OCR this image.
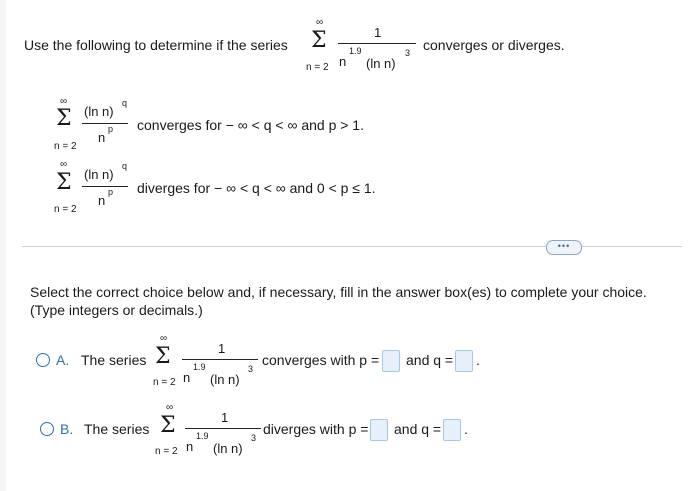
Use the following to determine if the series
∞
Σ
n = 2
1
n
1.9
(ln n)
3 converges or diverges.
∞
Σ
n = 2
(ln n)
q
n
p converges for − ∞ < q < ∞ and p > 1.
∞
Σ
n = 2
(ln n)
q
n
p diverges for − ∞ < q < ∞ and 0 < p ≤ 1.
•••
Select the correct choice below and, if necessary, fill in the answer box(es) to complete your choice.
(Type integers or decimals.)
A. The series
∞
Σ
n = 2
1
n
1.9
(ln n)
3
converges with p = and q = .
B. The series
∞
Σ
n = 2
1
n
1.9
(ln n)
3
diverges with p = and q = .
